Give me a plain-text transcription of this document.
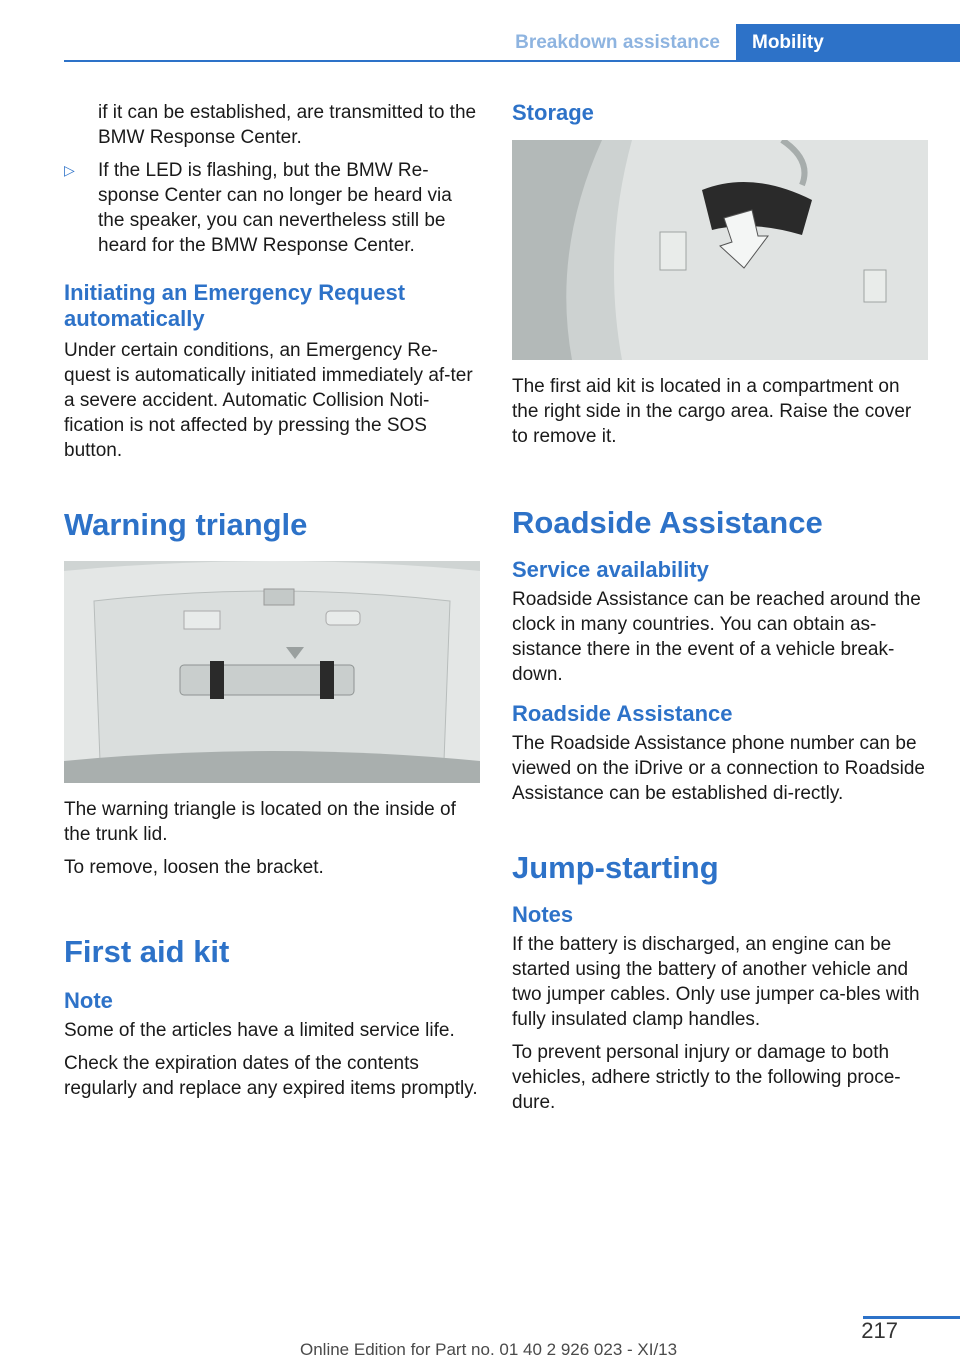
Breakdown assistance	Mobility

if it can be established, are transmitted to the BMW Response Center.

▷ If the LED is flashing, but the BMW Re‐sponse Center can no longer be heard via the speaker, you can nevertheless still be heard for the BMW Response Center.

Initiating an Emergency Request automatically

Under certain conditions, an Emergency Re‐quest is automatically initiated immediately af‐ter a severe accident. Automatic Collision Noti‐fication is not affected by pressing the SOS button.

Warning triangle

The warning triangle is located on the inside of the trunk lid.

To remove, loosen the bracket.

First aid kit
Note

Some of the articles have a limited service life.

Check the expiration dates of the contents regularly and replace any expired items promptly.

Storage

The first aid kit is located in a compartment on the right side in the cargo area. Raise the cover to remove it.

Roadside Assistance
Service availability

Roadside Assistance can be reached around the clock in many countries. You can obtain as‐sistance there in the event of a vehicle break‐down.

Roadside Assistance

The Roadside Assistance phone number can be viewed on the iDrive or a connection to Roadside Assistance can be established di‐rectly.

Jump-starting
Notes

If the battery is discharged, an engine can be started using the battery of another vehicle and two jumper cables. Only use jumper ca‐bles with fully insulated clamp handles.

To prevent personal injury or damage to both vehicles, adhere strictly to the following proce‐dure.

217
Online Edition for Part no. 01 40 2 926 023 - XI/13
